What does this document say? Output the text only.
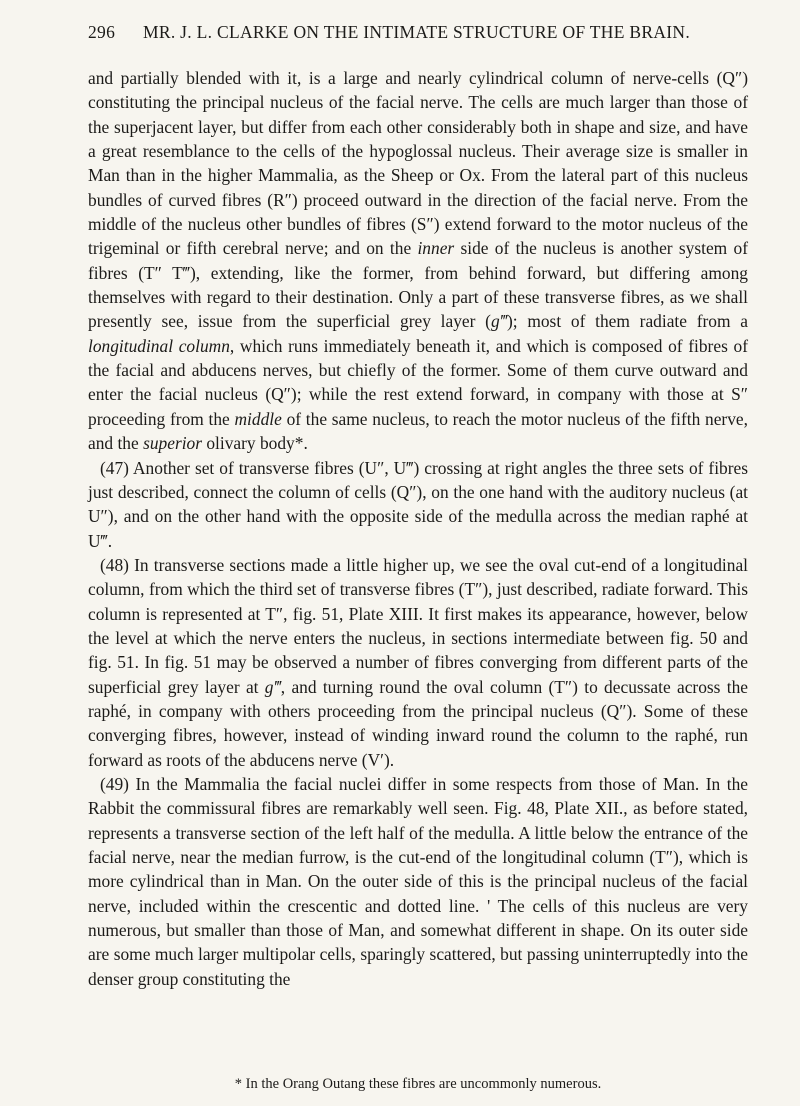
296 MR. J. L. CLARKE ON THE INTIMATE STRUCTURE OF THE BRAIN.

and partially blended with it, is a large and nearly cylindrical column of nerve-cells (Q″) constituting the principal nucleus of the facial nerve. The cells are much larger than those of the superjacent layer, but differ from each other considerably both in shape and size, and have a great resemblance to the cells of the hypoglossal nucleus. Their average size is smaller in Man than in the higher Mammalia, as the Sheep or Ox. From the lateral part of this nucleus bundles of curved fibres (R″) proceed outward in the direction of the facial nerve. From the middle of the nucleus other bundles of fibres (S″) extend forward to the motor nucleus of the trigeminal or fifth cerebral nerve; and on the inner side of the nucleus is another system of fibres (T″ T‴), extending, like the former, from behind forward, but differing among themselves with regard to their destination. Only a part of these transverse fibres, as we shall presently see, issue from the superficial grey layer (g‴); most of them radiate from a longitudinal column, which runs immediately beneath it, and which is composed of fibres of the facial and abducens nerves, but chiefly of the former. Some of them curve outward and enter the facial nucleus (Q″); while the rest extend forward, in company with those at S″ proceeding from the middle of the same nucleus, to reach the motor nucleus of the fifth nerve, and the superior olivary body*.

(47) Another set of transverse fibres (U″, U‴) crossing at right angles the three sets of fibres just described, connect the column of cells (Q″), on the one hand with the auditory nucleus (at U″), and on the other hand with the opposite side of the medulla across the median raphé at U‴.

(48) In transverse sections made a little higher up, we see the oval cut-end of a longitudinal column, from which the third set of transverse fibres (T″), just described, radiate forward. This column is represented at T″, fig. 51, Plate XIII. It first makes its appearance, however, below the level at which the nerve enters the nucleus, in sections intermediate between fig. 50 and fig. 51. In fig. 51 may be observed a number of fibres converging from different parts of the superficial grey layer at g‴, and turning round the oval column (T″) to decussate across the raphé, in company with others proceeding from the principal nucleus (Q″). Some of these converging fibres, however, instead of winding inward round the column to the raphé, run forward as roots of the abducens nerve (V′).

(49) In the Mammalia the facial nuclei differ in some respects from those of Man. In the Rabbit the commissural fibres are remarkably well seen. Fig. 48, Plate XII., as before stated, represents a transverse section of the left half of the medulla. A little below the entrance of the facial nerve, near the median furrow, is the cut-end of the longitudinal column (T″), which is more cylindrical than in Man. On the outer side of this is the principal nucleus of the facial nerve, included within the crescentic and dotted line. ' The cells of this nucleus are very numerous, but smaller than those of Man, and somewhat different in shape. On its outer side are some much larger multipolar cells, sparingly scattered, but passing uninterruptedly into the denser group constituting the

* In the Orang Outang these fibres are uncommonly numerous.
